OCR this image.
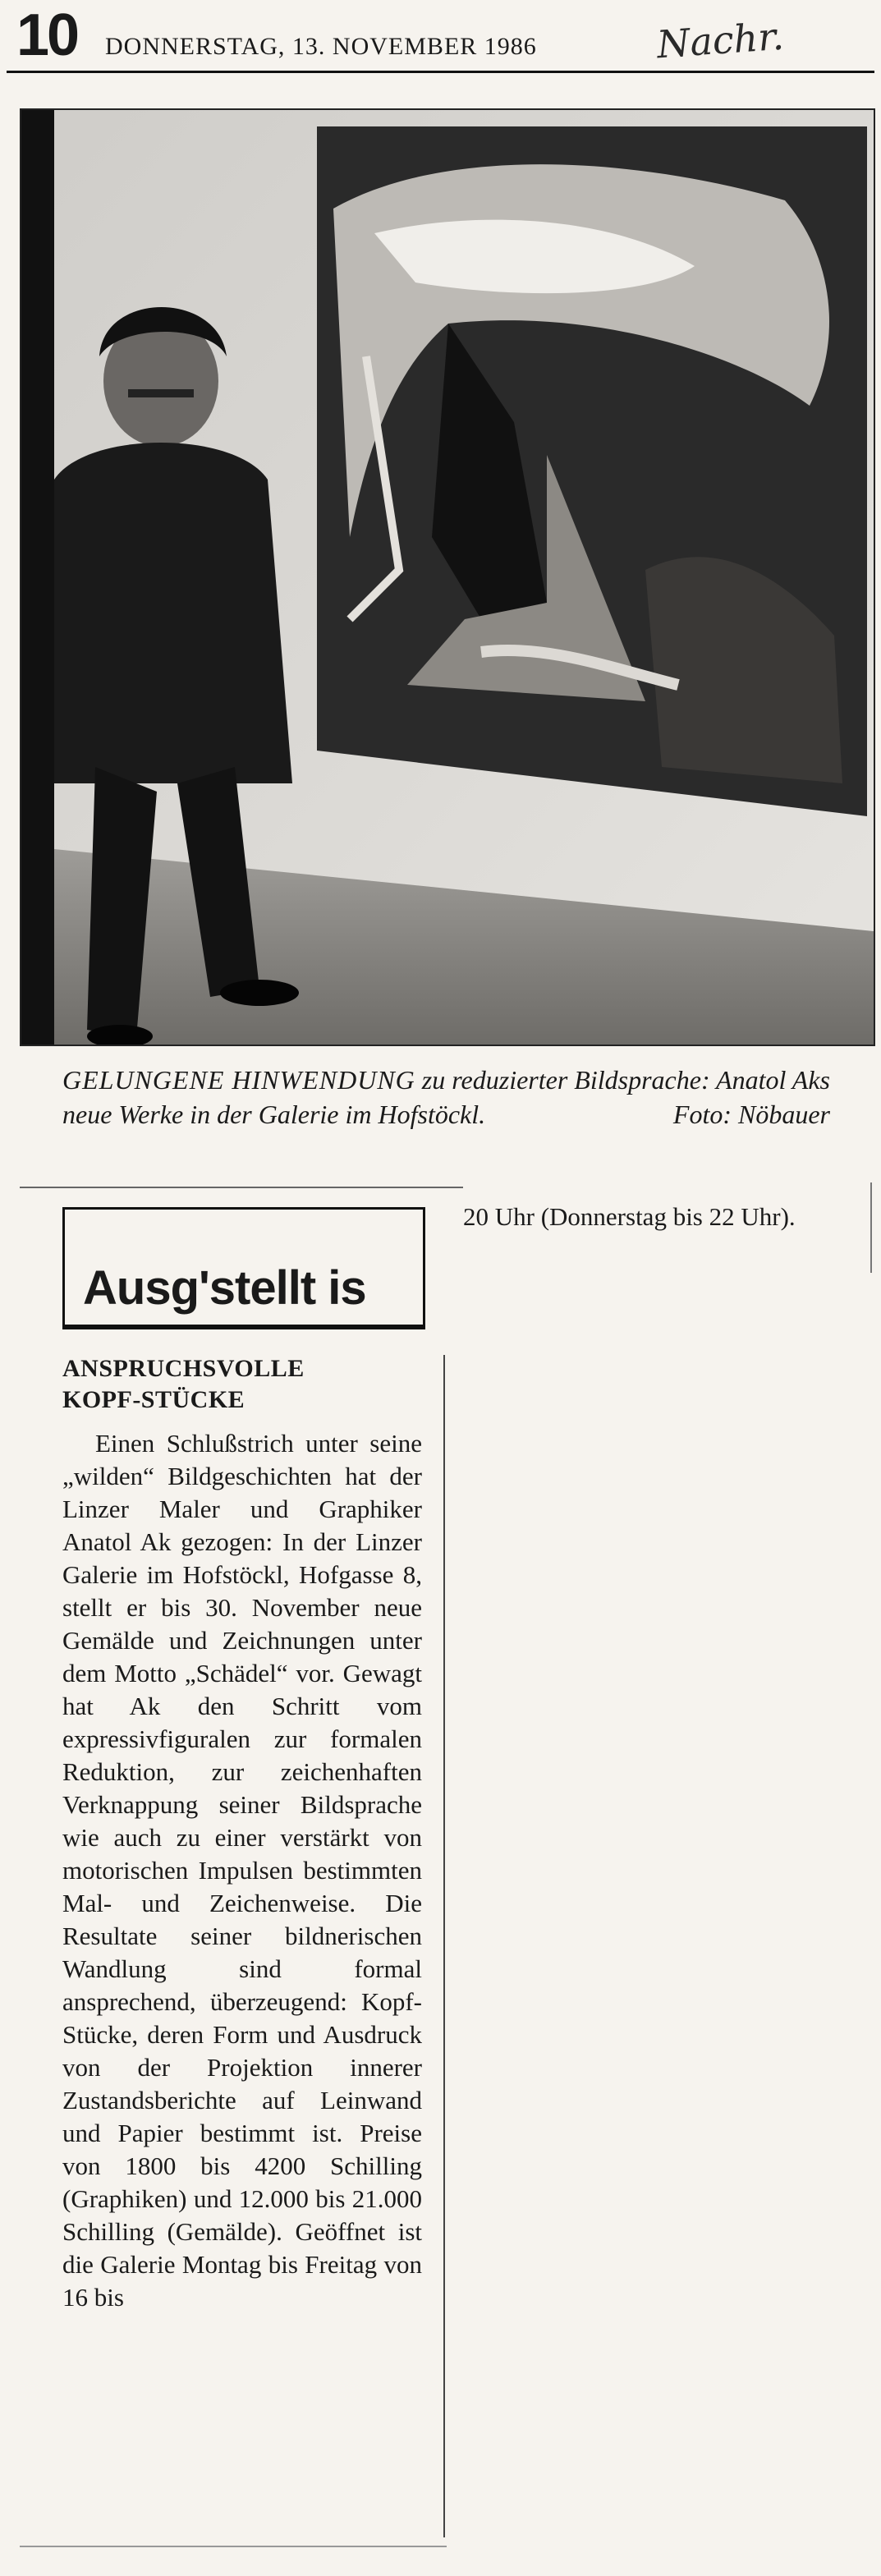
10 DONNERSTAG, 13. NOVEMBER 1986	Nachr.
GELUNGENE HINWENDUNG zu reduzierter Bildsprache: Anatol Aks neue Werke in der Galerie im Hofstöckl.	Foto: Nöbauer
Ausg'stellt is
ANSPRUCHSVOLLE
KOPF-STÜCKE
Einen Schlußstrich unter seine „wilden“ Bildgeschichten hat der Linzer Maler und Graphiker Anatol Ak gezogen: In der Linzer Galerie im Hofstöckl, Hofgasse 8, stellt er bis 30. November neue Gemälde und Zeichnungen unter dem Motto „Schädel“ vor. Gewagt hat Ak den Schritt vom expressivfiguralen zur formalen Reduktion, zur zeichenhaften Verknappung seiner Bildsprache wie auch zu einer verstärkt von motorischen Impulsen bestimmten Mal- und Zeichenweise. Die Resultate seiner bildnerischen Wandlung sind formal ansprechend, überzeugend: Kopf-Stücke, deren Form und Ausdruck von der Projektion innerer Zustandsberichte auf Leinwand und Papier bestimmt ist. Preise von 1800 bis 4200 Schilling (Graphiken) und 12.000 bis 21.000 Schilling (Gemälde). Geöffnet ist die Galerie Montag bis Freitag von 16 bis
20 Uhr (Donnerstag bis 22 Uhr).
